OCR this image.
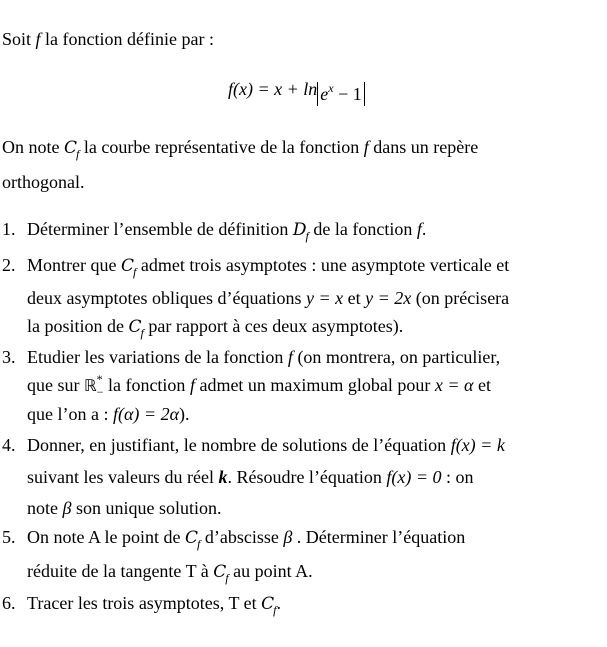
Soit f la fonction définie par :
$f(x) = x + \ln e^x - 1$
On note $C_f$ la courbe représentative de la fonction f dans un repère
orthogonal.
1. Déterminer l’ensemble de définition $D_f$ de la fonction f.
2. Montrer que $C_f$ admet trois asymptotes : une asymptote verticale et
deux asymptotes obliques d’équations y = x et y = 2x (on précisera
la position de $C_f$ par rapport à ces deux asymptotes).
3. Etudier les variations de la fonction f (on montrera, on particulier,
que sur ℝ*$_-$ la fonction f admet un maximum global pour x = α et
que l’on a : f(α) = 2α).
4. Donner, en justifiant, le nombre de solutions de l’équation f(x) = k
suivant les valeurs du réel k. Résoudre l’équation f(x) = 0 : on
note β son unique solution.
5. On note A le point de $C_f$ d’abscisse β . Déterminer l’équation
réduite de la tangente T à $C_f$ au point A.
6. Tracer les trois asymptotes, T et $C_f$.
